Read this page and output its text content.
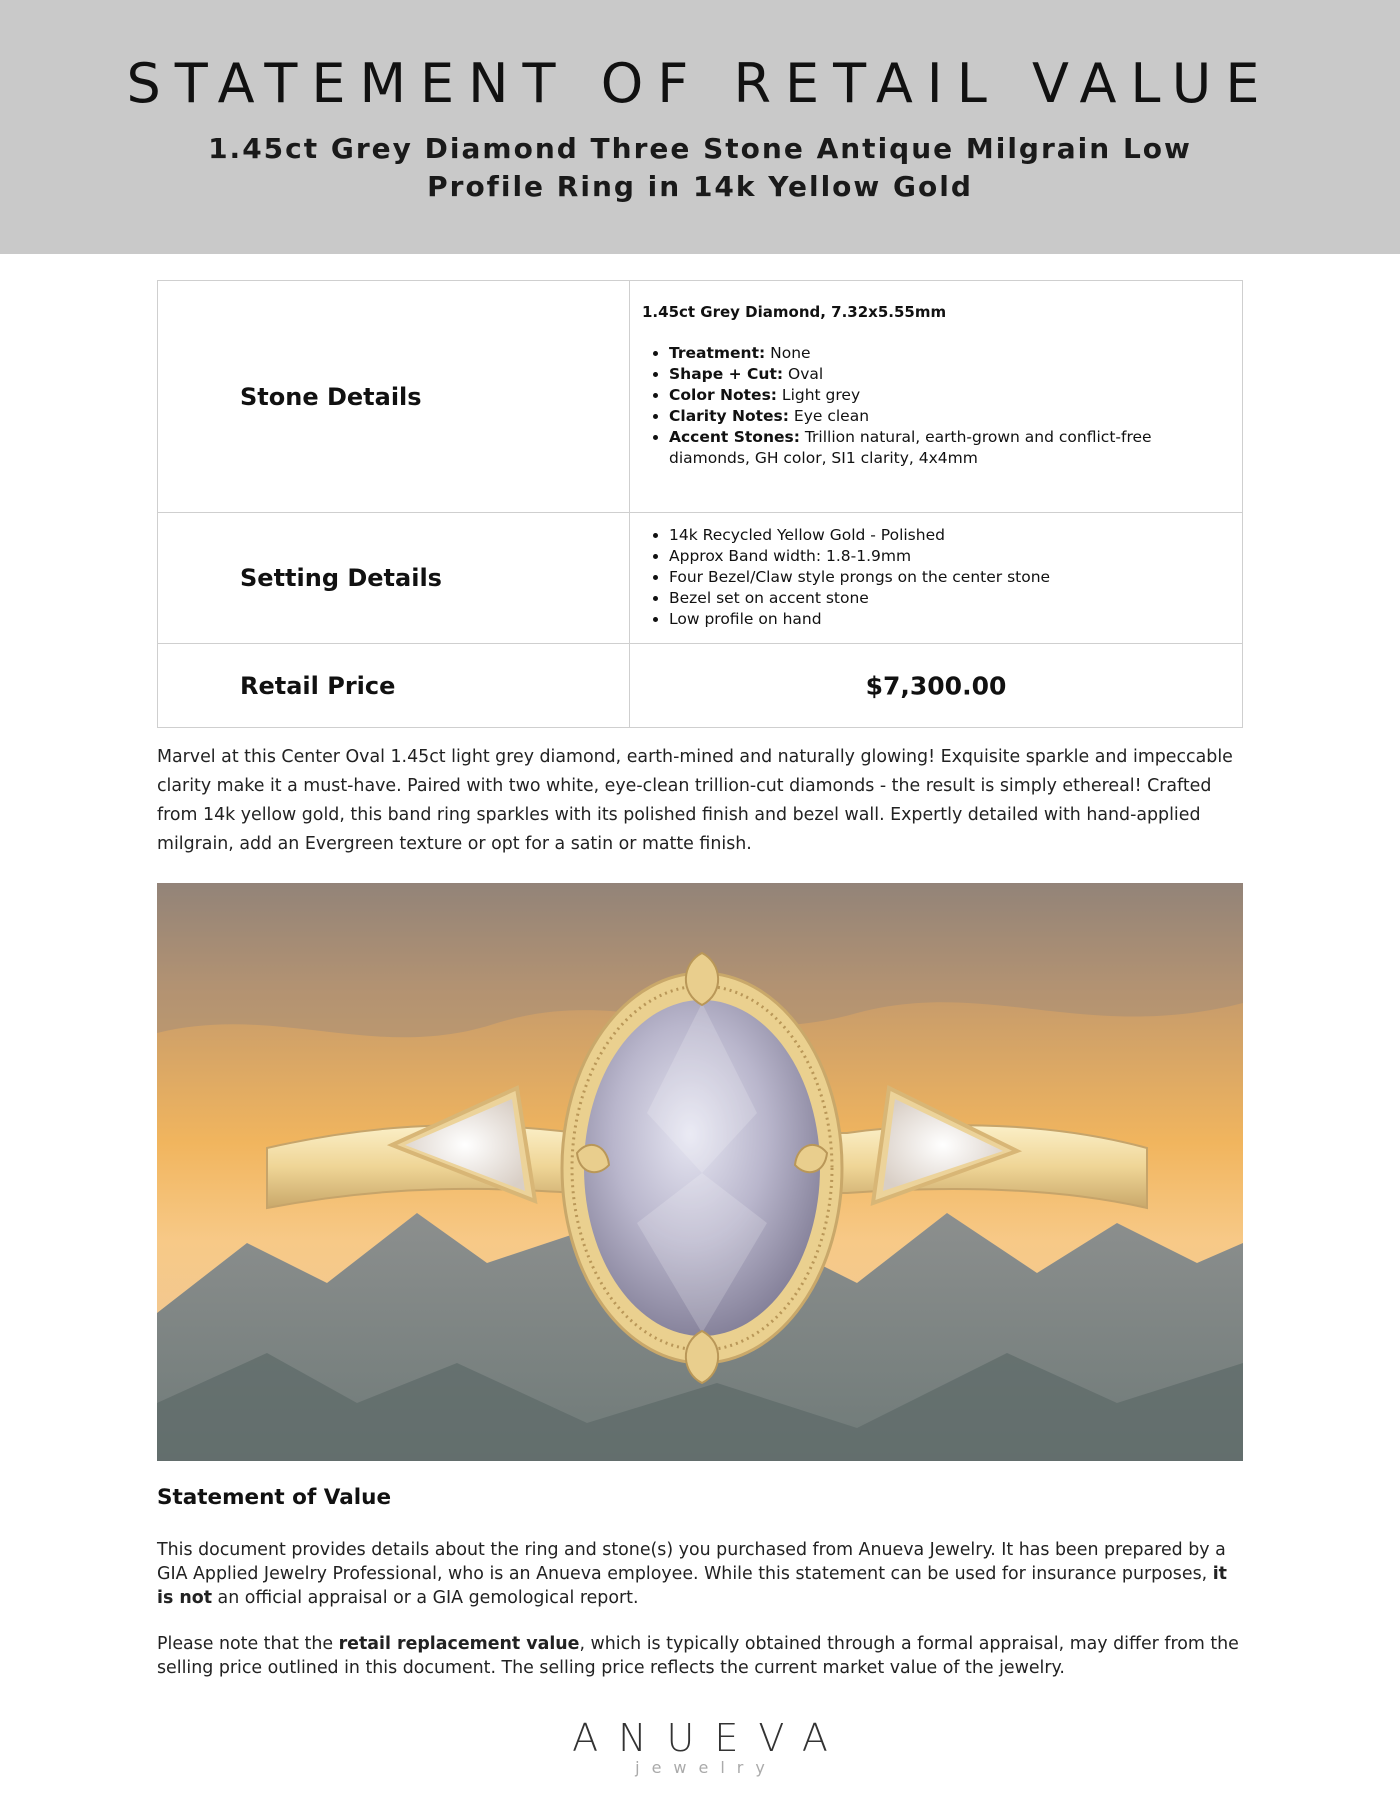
STATEMENT OF RETAIL VALUE
1.45ct Grey Diamond Three Stone Antique Milgrain Low Profile Ring in 14k Yellow Gold
Stone Details
1.45ct Grey Diamond, 7.32x5.55mm
• Treatment: None
• Shape + Cut: Oval
• Color Notes: Light grey
• Clarity Notes: Eye clean
• Accent Stones: Trillion natural, earth-grown and conflict-free diamonds, GH color, SI1 clarity, 4x4mm
Setting Details
• 14k Recycled Yellow Gold - Polished
• Approx Band width: 1.8-1.9mm
• Four Bezel/Claw style prongs on the center stone
• Bezel set on accent stone
• Low profile on hand
Retail Price	$7,300.00

Marvel at this Center Oval 1.45ct light grey diamond, earth-mined and naturally glowing! Exquisite sparkle and impeccable clarity make it a must-have. Paired with two white, eye-clean trillion-cut diamonds - the result is simply ethereal! Crafted from 14k yellow gold, this band ring sparkles with its polished finish and bezel wall. Expertly detailed with hand-applied milgrain, add an Evergreen texture or opt for a satin or matte finish.

Statement of Value

This document provides details about the ring and stone(s) you purchased from Anueva Jewelry. It has been prepared by a GIA Applied Jewelry Professional, who is an Anueva employee. While this statement can be used for insurance purposes, it is not an official appraisal or a GIA gemological report.

Please note that the retail replacement value, which is typically obtained through a formal appraisal, may differ from the selling price outlined in this document. The selling price reflects the current market value of the jewelry.

ANUEVA
jewelry
